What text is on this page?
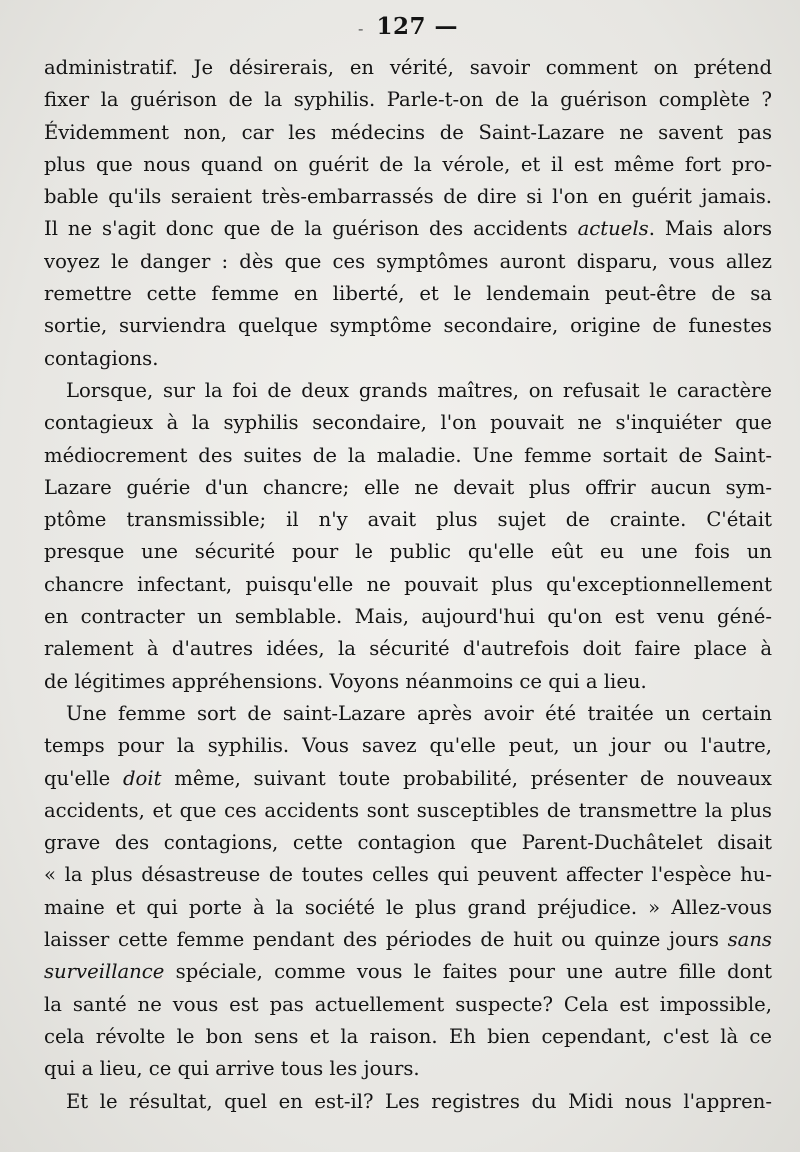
- 127 —
administratif. Je désirerais, en vérité, savoir comment on prétend
fixer la guérison de la syphilis. Parle-t-on de la guérison complète ?
Évidemment non, car les médecins de Saint-Lazare ne savent pas
plus que nous quand on guérit de la vérole, et il est même fort pro-
bable qu'ils seraient très-embarrassés de dire si l'on en guérit jamais.
Il ne s'agit donc que de la guérison des accidents actuels. Mais alors
voyez le danger : dès que ces symptômes auront disparu, vous allez
remettre cette femme en liberté, et le lendemain peut-être de sa
sortie, surviendra quelque symptôme secondaire, origine de funestes
contagions.
Lorsque, sur la foi de deux grands maîtres, on refusait le caractère
contagieux à la syphilis secondaire, l'on pouvait ne s'inquiéter que
médiocrement des suites de la maladie. Une femme sortait de Saint-
Lazare guérie d'un chancre; elle ne devait plus offrir aucun sym-
ptôme transmissible; il n'y avait plus sujet de crainte. C'était
presque une sécurité pour le public qu'elle eût eu une fois un
chancre infectant, puisqu'elle ne pouvait plus qu'exceptionnellement
en contracter un semblable. Mais, aujourd'hui qu'on est venu géné-
ralement à d'autres idées, la sécurité d'autrefois doit faire place à
de légitimes appréhensions. Voyons néanmoins ce qui a lieu.
Une femme sort de saint-Lazare après avoir été traitée un certain
temps pour la syphilis. Vous savez qu'elle peut, un jour ou l'autre,
qu'elle doit même, suivant toute probabilité, présenter de nouveaux
accidents, et que ces accidents sont susceptibles de transmettre la plus
grave des contagions, cette contagion que Parent-Duchâtelet disait
« la plus désastreuse de toutes celles qui peuvent affecter l'espèce hu-
maine et qui porte à la société le plus grand préjudice. » Allez-vous
laisser cette femme pendant des périodes de huit ou quinze jours sans
surveillance spéciale, comme vous le faites pour une autre fille dont
la santé ne vous est pas actuellement suspecte? Cela est impossible,
cela révolte le bon sens et la raison. Eh bien cependant, c'est là ce
qui a lieu, ce qui arrive tous les jours.
Et le résultat, quel en est-il? Les registres du Midi nous l'appren-
